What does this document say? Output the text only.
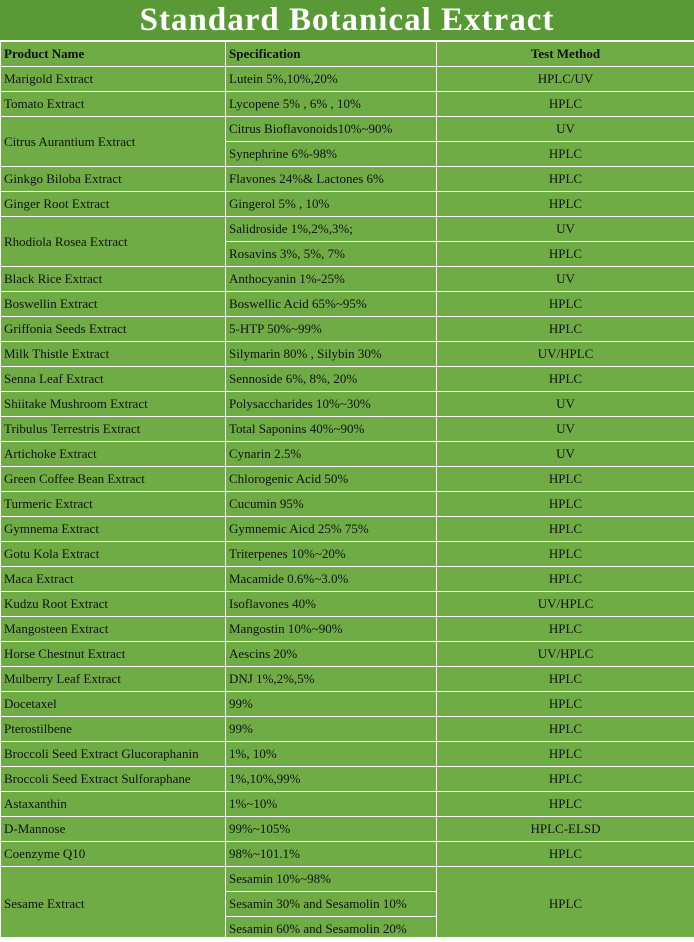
Standard Botanical Extract
Product Name	Specification	Test Method
Marigold Extract	Lutein 5%,10%,20%	HPLC/UV
Tomato Extract	Lycopene 5% , 6% , 10%	HPLC
Citrus Aurantium Extract	Citrus Bioflavonoids10%~90%	UV
	Synephrine 6%-98%	HPLC
Ginkgo Biloba Extract	Flavones 24%& Lactones 6%	HPLC
Ginger Root Extract	Gingerol 5% , 10%	HPLC
Rhodiola Rosea Extract	Salidroside 1%,2%,3%;	UV
	Rosavins 3%, 5%, 7%	HPLC
Black Rice Extract	Anthocyanin 1%-25%	UV
Boswellin Extract	Boswellic Acid 65%~95%	HPLC
Griffonia Seeds Extract	5-HTP 50%~99%	HPLC
Milk Thistle Extract	Silymarin 80% , Silybin 30%	UV/HPLC
Senna Leaf Extract	Sennoside 6%, 8%, 20%	HPLC
Shiitake Mushroom Extract	Polysaccharides 10%~30%	UV
Tribulus Terrestris Extract	Total Saponins 40%~90%	UV
Artichoke Extract	Cynarin 2.5%	UV
Green Coffee Bean Extract	Chlorogenic Acid 50%	HPLC
Turmeric Extract	Cucumin 95%	HPLC
Gymnema Extract	Gymnemic Aicd 25% 75%	HPLC
Gotu Kola Extract	Triterpenes 10%~20%	HPLC
Maca Extract	Macamide 0.6%~3.0%	HPLC
Kudzu Root Extract	Isoflavones 40%	UV/HPLC
Mangosteen Extract	Mangostin 10%~90%	HPLC
Horse Chestnut Extract	Aescins 20%	UV/HPLC
Mulberry Leaf Extract	DNJ 1%,2%,5%	HPLC
Docetaxel	99%	HPLC
Pterostilbene	99%	HPLC
Broccoli Seed Extract Glucoraphanin	1%, 10%	HPLC
Broccoli Seed Extract Sulforaphane	1%,10%,99%	HPLC
Astaxanthin	1%~10%	HPLC
D-Mannose	99%~105%	HPLC-ELSD
Coenzyme Q10	98%~101.1%	HPLC
Sesame Extract	Sesamin 10%~98%	HPLC
	Sesamin 30% and Sesamolin 10%	
	Sesamin 60% and Sesamolin 20%	
